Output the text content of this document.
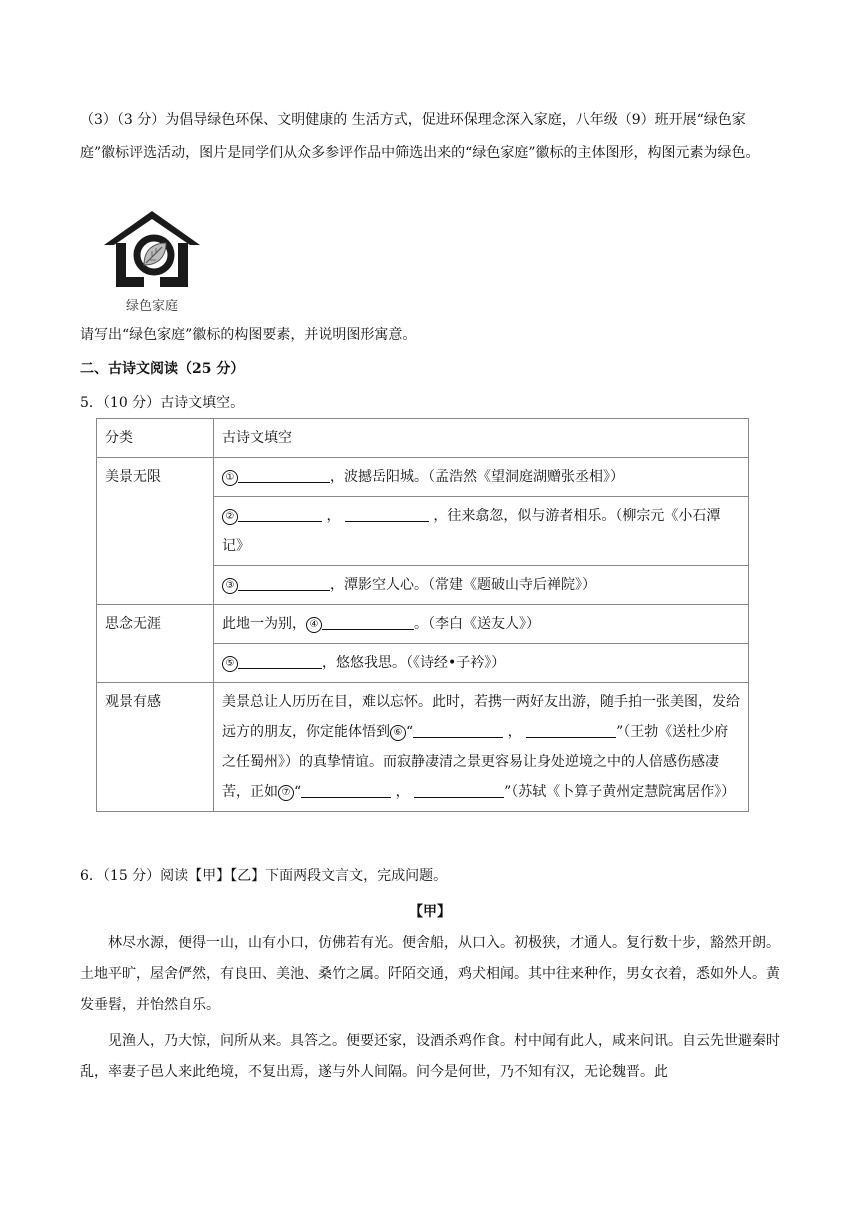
（3）（3 分）为倡导绿色环保、文明健康的 生活方式，促进环保理念深入家庭，八年级（9）班开展“绿色家庭”徽标评选活动，图片是同学们从众多参评作品中筛选出来的“绿色家庭”徽标的主体图形，构图元素为绿色。

绿色家庭

请写出“绿色家庭”徽标的构图要素，并说明图形寓意。

二、古诗文阅读（25 分）

5．（10 分）古诗文填空。

分类	古诗文填空
美景无限	① ，波撼岳阳城。（孟浩然《望洞庭湖赠张丞相》）
	② ， ，往来翕忽，似与游者相乐。（柳宗元《小石潭记》
	③ ，潭影空人心。（常建《题破山寺后禅院》）
思念无涯	此地一为别， ④ 。（李白《送友人》）
	⑤ ，悠悠我思。（《诗经•子衿》）
观景有感	美景总让人历历在目，难以忘怀。此时，若携一两好友出游，随手拍一张美图，发给远方的朋友，你定能体悟到 ⑥ “ ， ”（王勃《送杜少府之任蜀州》）的真挚情谊。而寂静凄清之景更容易让身处逆境之中的人倍感伤感凄苦，正如 ⑦ “ ， ”（苏轼《卜算子黄州定慧院寓居作》）

6．（15 分）阅读【甲】【乙】下面两段文言文，完成问题。

【甲】

林尽水源，便得一山，山有小口，仿佛若有光。便舍船，从口入。初极狭，才通人。复行数十步，豁然开朗。土地平旷，屋舍俨然，有良田、美池、桑竹之属。阡陌交通，鸡犬相闻。其中往来种作，男女衣着，悉如外人。黄发垂髫，并怡然自乐。

见渔人，乃大惊，问所从来。具答之。便要还家，设酒杀鸡作食。村中闻有此人，咸来问讯。自云先世避秦时乱，率妻子邑人来此绝境，不复出焉，遂与外人间隔。问今是何世，乃不知有汉，无论魏晋。此
